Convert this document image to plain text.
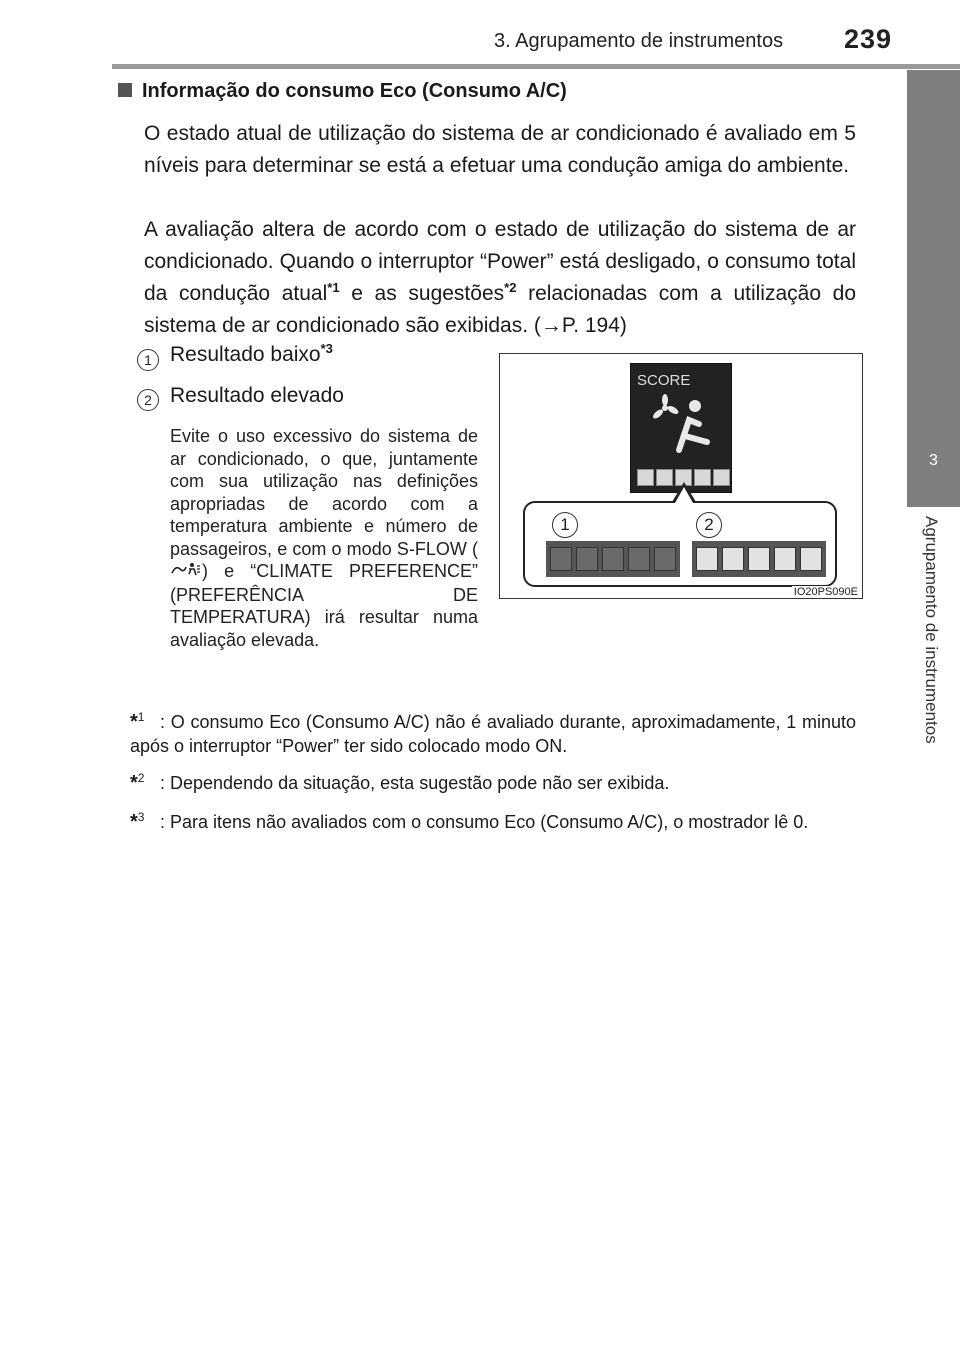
3. Agrupamento de instrumentos 239
3
Agrupamento de instrumentos
Informação do consumo Eco (Consumo A/C)
O estado atual de utilização do sistema de ar condicionado é avaliado em 5 níveis para determinar se está a efetuar uma condução amiga do ambiente.
A avaliação altera de acordo com o estado de utilização do sistema de ar condicionado. Quando o interruptor “Power” está desligado, o consumo total da condução atual$^{*1}$ e as sugestões$^{*2}$ relacionadas com a utilização do sistema de ar condicionado são exibidas. (→P. 194)
1 Resultado baixo$^{*3}$
2 Resultado elevado
Evite o uso excessivo do sistema de ar condicionado, o que, juntamente com sua utilização nas definições apropriadas de acordo com a temperatura ambiente e número de passageiros, e com o modo S-FLOW () e “CLIMATE PREFERENCE” (PREFERÊNCIA DE TEMPERATURA) irá resultar numa avaliação elevada.
SCORE
1	2
IO20PS090E
*$^1$ : O consumo Eco (Consumo A/C) não é avaliado durante, aproximadamente, 1 minuto após o interruptor “Power” ter sido colocado modo ON.
*$^2$ : Dependendo da situação, esta sugestão pode não ser exibida.
*$^3$ : Para itens não avaliados com o consumo Eco (Consumo A/C), o mostrador lê 0.
